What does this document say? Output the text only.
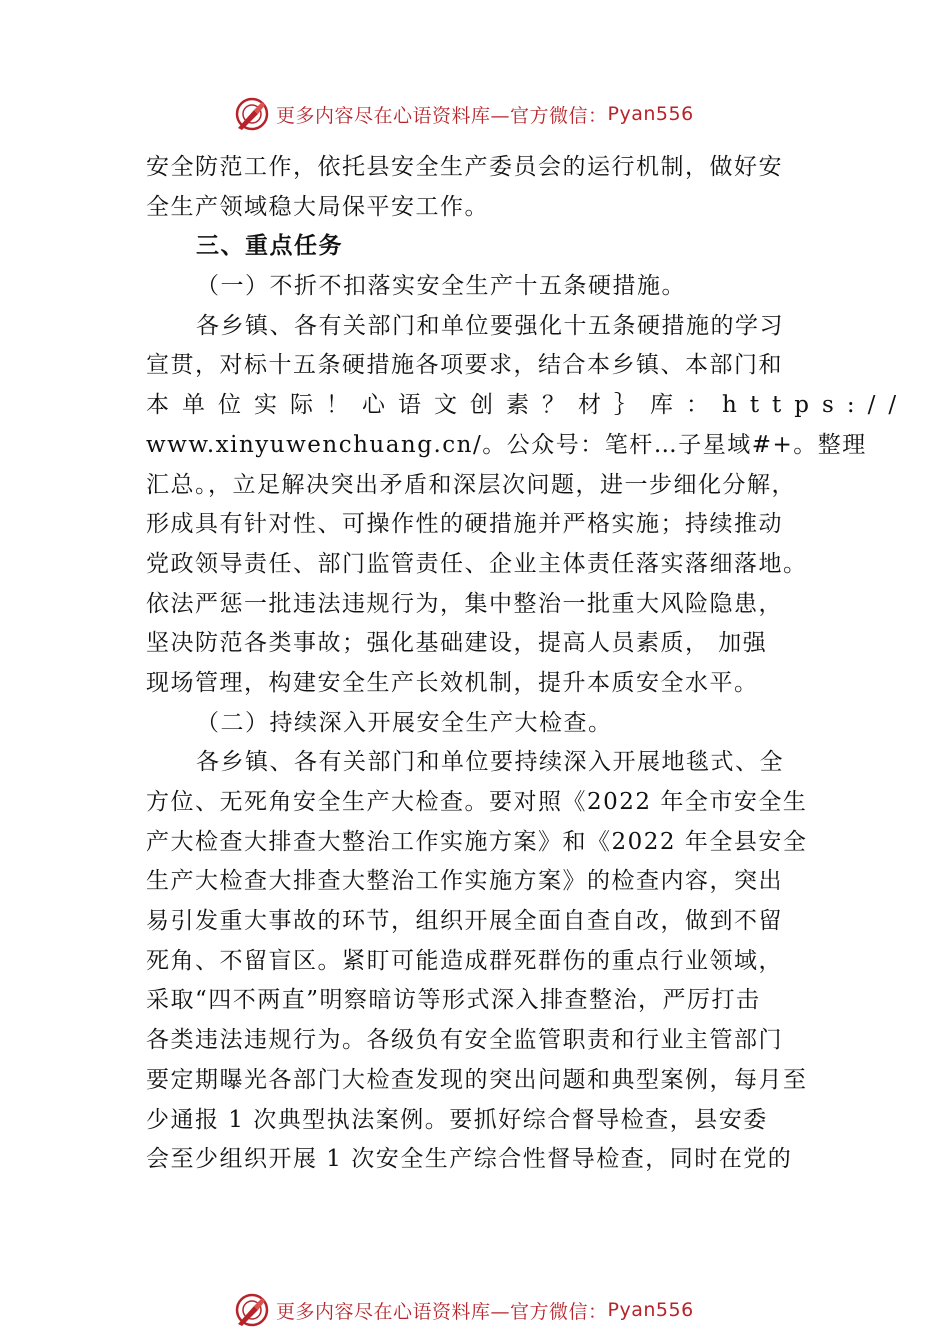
更多内容尽在心语资料库—官方微信： Pyan556
安全防范工作，依托县安全生产委员会的运行机制，做好安
全生产领域稳大局保平安工作。
三、重点任务
（一）不折不扣落实安全生产十五条硬措施。
各乡镇、各有关部门和单位要强化十五条硬措施的学习
宣贯，对标十五条硬措施各项要求，结合本乡镇、本部门和
本单位实际！心语文创素？材｝库：https://
www.xinyuwenchuang.cn/。公众号：笔杆…子星域#+。整理
汇总。，立足解决突出矛盾和深层次问题，进一步细化分解，
形成具有针对性、可操作性的硬措施并严格实施；持续推动
党政领导责任、部门监管责任、企业主体责任落实落细落地。
依法严惩一批违法违规行为，集中整治一批重大风险隐患，
坚决防范各类事故；强化基础建设，提高人员素质， 加强
现场管理，构建安全生产长效机制，提升本质安全水平。
（二）持续深入开展安全生产大检查。
各乡镇、各有关部门和单位要持续深入开展地毯式、全
方位、无死角安全生产大检查。要对照《2022 年全市安全生
产大检查大排查大整治工作实施方案》和《2022 年全县安全
生产大检查大排查大整治工作实施方案》的检查内容，突出
易引发重大事故的环节，组织开展全面自查自改，做到不留
死角、不留盲区。紧盯可能造成群死群伤的重点行业领域，
采取“四不两直”明察暗访等形式深入排查整治，严厉打击
各类违法违规行为。各级负有安全监管职责和行业主管部门
要定期曝光各部门大检查发现的突出问题和典型案例，每月至
少通报 1 次典型执法案例。要抓好综合督导检查，县安委
会至少组织开展 1 次安全生产综合性督导检查，同时在党的
更多内容尽在心语资料库—官方微信： Pyan556
